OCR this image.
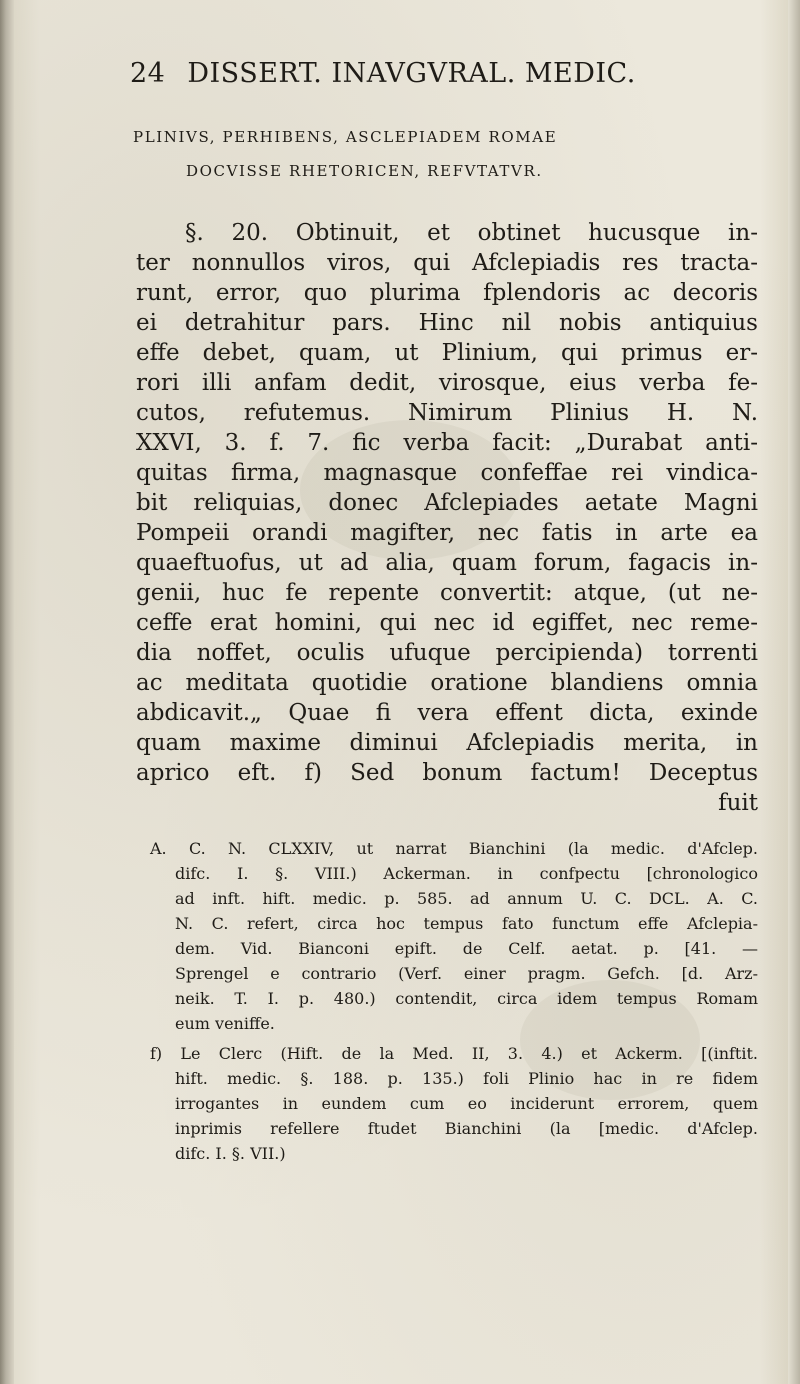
24 DISSERT. INAVGVRAL. MEDIC.
PLINIVS, PERHIBENS, ASCLEPIADEM ROMAE
DOCVISSE RHETORICEN, REFVTATVR.
§. 20. Obtinuit, et obtinet hucusque in-
ter nonnullos viros, qui Afclepiadis res tracta-
runt, error, quo plurima fplendoris ac decoris
ei detrahitur pars. Hinc nil nobis antiquius
effe debet, quam, ut Plinium, qui primus er-
rori illi anfam dedit, virosque, eius verba fe-
cutos, refutemus. Nimirum Plinius H. N.
XXVI, 3. f. 7. fic verba facit: „Durabat anti-
quitas firma, magnasque confeffae rei vindica-
bit reliquias, donec Afclepiades aetate Magni
Pompeii orandi magifter, nec fatis in arte ea
quaeftuofus, ut ad alia, quam forum, fagacis in-
genii, huc fe repente convertit: atque, (ut ne-
ceffe erat homini, qui nec id egiffet, nec reme-
dia noffet, oculis ufuque percipienda) torrenti
ac meditata quotidie oratione blandiens omnia
abdicavit.„ Quae fi vera effent dicta, exinde
quam maxime diminui Afclepiadis merita, in
aprico eft. f) Sed bonum factum! Deceptus
fuit
A. C. N. CLXXIV, ut narrat Bianchini (la medic. d'Afclep.
difc. I. §. VIII.) Ackerman. in confpectu [chronologico
ad inft. hift. medic. p. 585. ad annum U. C. DCL. A. C.
N. C. refert, circa hoc tempus fato functum effe Afclepia-
dem. Vid. Bianconi epift. de Celf. aetat. p. [41. —
Sprengel e contrario (Verf. einer pragm. Gefch. [d. Arz-
neik. T. I. p. 480.) contendit, circa idem tempus Romam
eum veniffe.
f) Le Clerc (Hift. de la Med. II, 3. 4.) et Ackerm. [(inftit.
hift. medic. §. 188. p. 135.) foli Plinio hac in re fidem
irrogantes in eundem cum eo inciderunt errorem, quem
inprimis refellere ftudet Bianchini (la [medic. d'Afclep.
difc. I. §. VII.)
